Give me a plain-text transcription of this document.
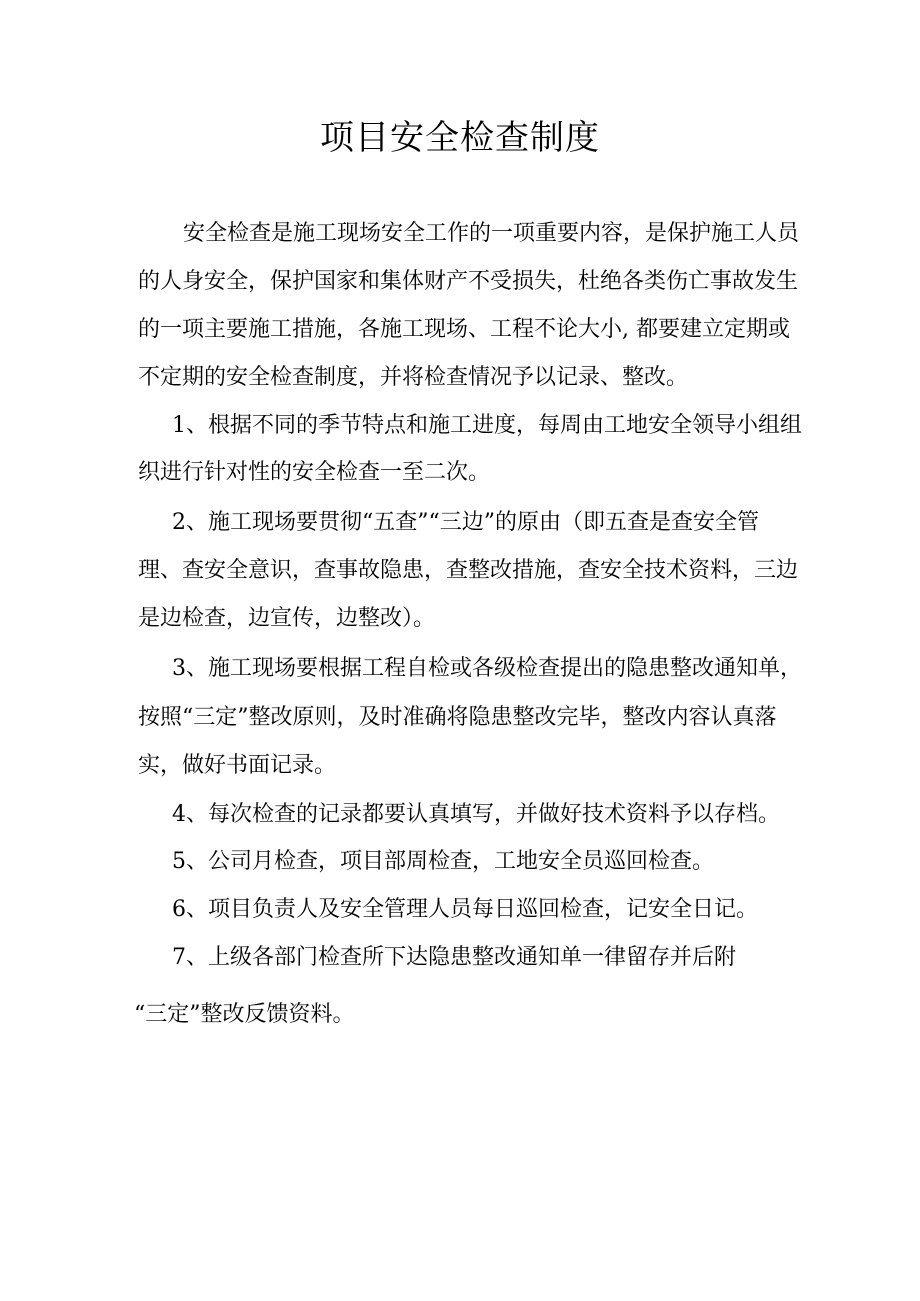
项目安全检查制度
安全检查是施工现场安全工作的一项重要内容，是保护施工人员
的人身安全，保护国家和集体财产不受损失，杜绝各类伤亡事故发生
的一项主要施工措施，各施工现场、工程不论大小, 都要建立定期或
不定期的安全检查制度，并将检查情况予以记录、整改。
1、根据不同的季节特点和施工进度，每周由工地安全领导小组组
织进行针对性的安全检查一至二次。
2、施工现场要贯彻“五查”“三边”的原由（即五查是查安全管
理、查安全意识，查事故隐患，查整改措施，查安全技术资料，三边
是边检查，边宣传，边整改）。
3、施工现场要根据工程自检或各级检查提出的隐患整改通知单，
按照“三定”整改原则，及时准确将隐患整改完毕，整改内容认真落
实，做好书面记录。
4、每次检查的记录都要认真填写，并做好技术资料予以存档。
5、公司月检查，项目部周检查，工地安全员巡回检查。
6、项目负责人及安全管理人员每日巡回检查，记安全日记。
7、上级各部门检查所下达隐患整改通知单一律留存并后附
“三定”整改反馈资料。
